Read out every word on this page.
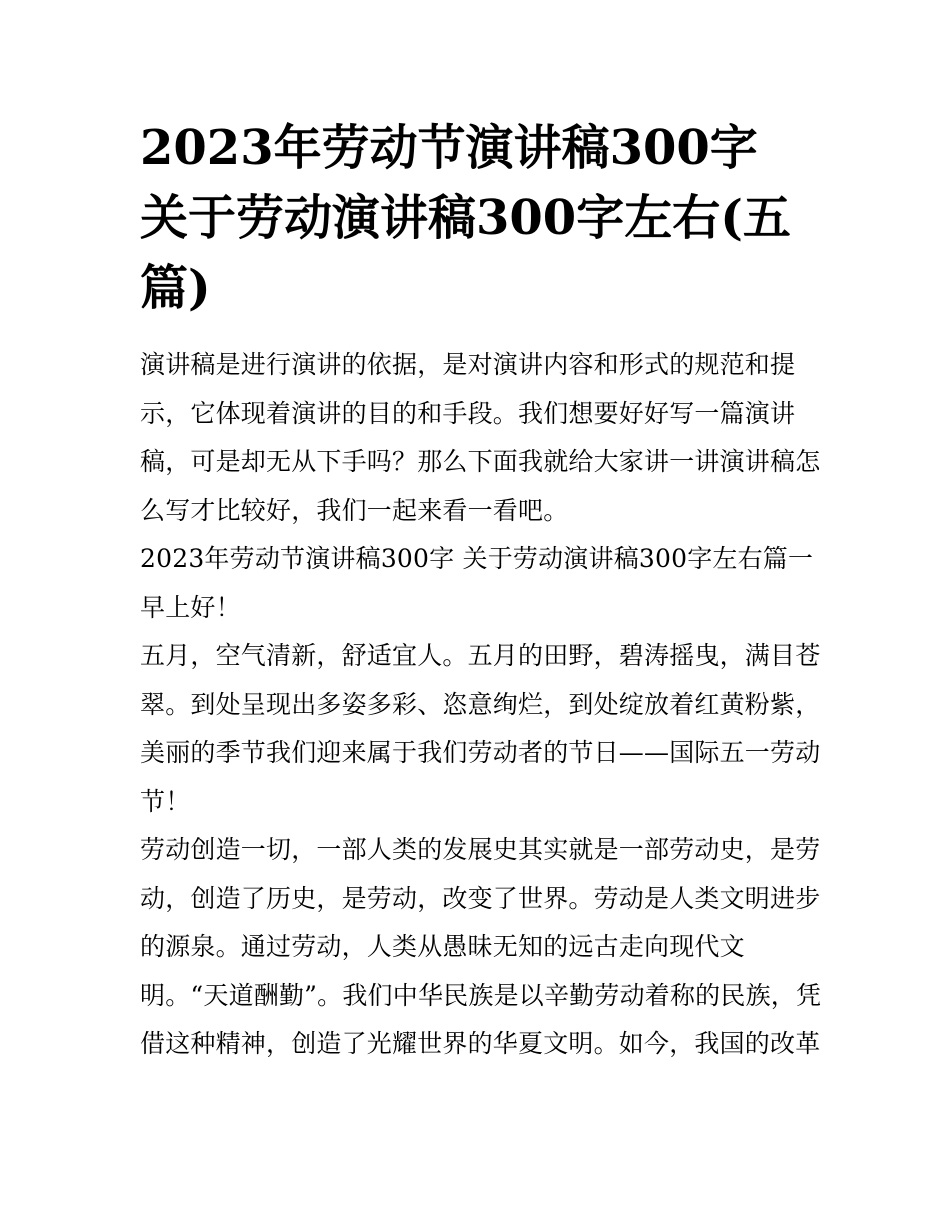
2023年劳动节演讲稿300字 关于劳动演讲稿300字左右(五篇)

演讲稿是进行演讲的依据，是对演讲内容和形式的规范和提

示，它体现着演讲的目的和手段。我们想要好好写一篇演讲

稿，可是却无从下手吗？那么下面我就给大家讲一讲演讲稿怎

么写才比较好，我们一起来看一看吧。

2023年劳动节演讲稿300字 关于劳动演讲稿300字左右篇一

早上好！

五月，空气清新，舒适宜人。五月的田野，碧涛摇曳，满目苍

翠。到处呈现出多姿多彩、恣意绚烂，到处绽放着红黄粉紫，

美丽的季节我们迎来属于我们劳动者的节日——国际五一劳动

节！

劳动创造一切，一部人类的发展史其实就是一部劳动史，是劳

动，创造了历史，是劳动，改变了世界。劳动是人类文明进步

的源泉。通过劳动，人类从愚昧无知的远古走向现代文

明。“天道酬勤”。我们中华民族是以辛勤劳动着称的民族，凭

借这种精神，创造了光耀世界的华夏文明。如今，我国的改革
